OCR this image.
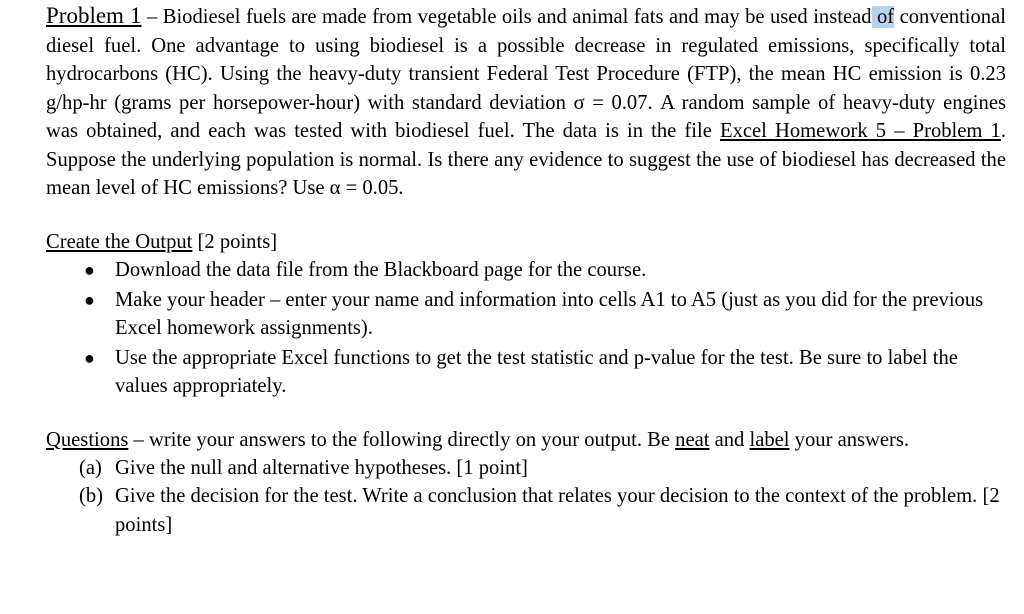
Problem 1 – Biodiesel fuels are made from vegetable oils and animal fats and may be used instead of conventional diesel fuel. One advantage to using biodiesel is a possible decrease in regulated emissions, specifically total hydrocarbons (HC). Using the heavy-duty transient Federal Test Procedure (FTP), the mean HC emission is 0.23 g/hp-hr (grams per horsepower-hour) with standard deviation σ = 0.07. A random sample of heavy-duty engines was obtained, and each was tested with biodiesel fuel. The data is in the file Excel Homework 5 – Problem 1. Suppose the underlying population is normal. Is there any evidence to suggest the use of biodiesel has decreased the mean level of HC emissions? Use α = 0.05.

Create the Output [2 points]

● Download the data file from the Blackboard page for the course.
● Make your header – enter your name and information into cells A1 to A5 (just as you did for the previous Excel homework assignments).
● Use the appropriate Excel functions to get the test statistic and p-value for the test. Be sure to label the values appropriately.

Questions – write your answers to the following directly on your output. Be neat and label your answers.

(a) Give the null and alternative hypotheses. [1 point]
(b) Give the decision for the test. Write a conclusion that relates your decision to the context of the problem. [2 points]
